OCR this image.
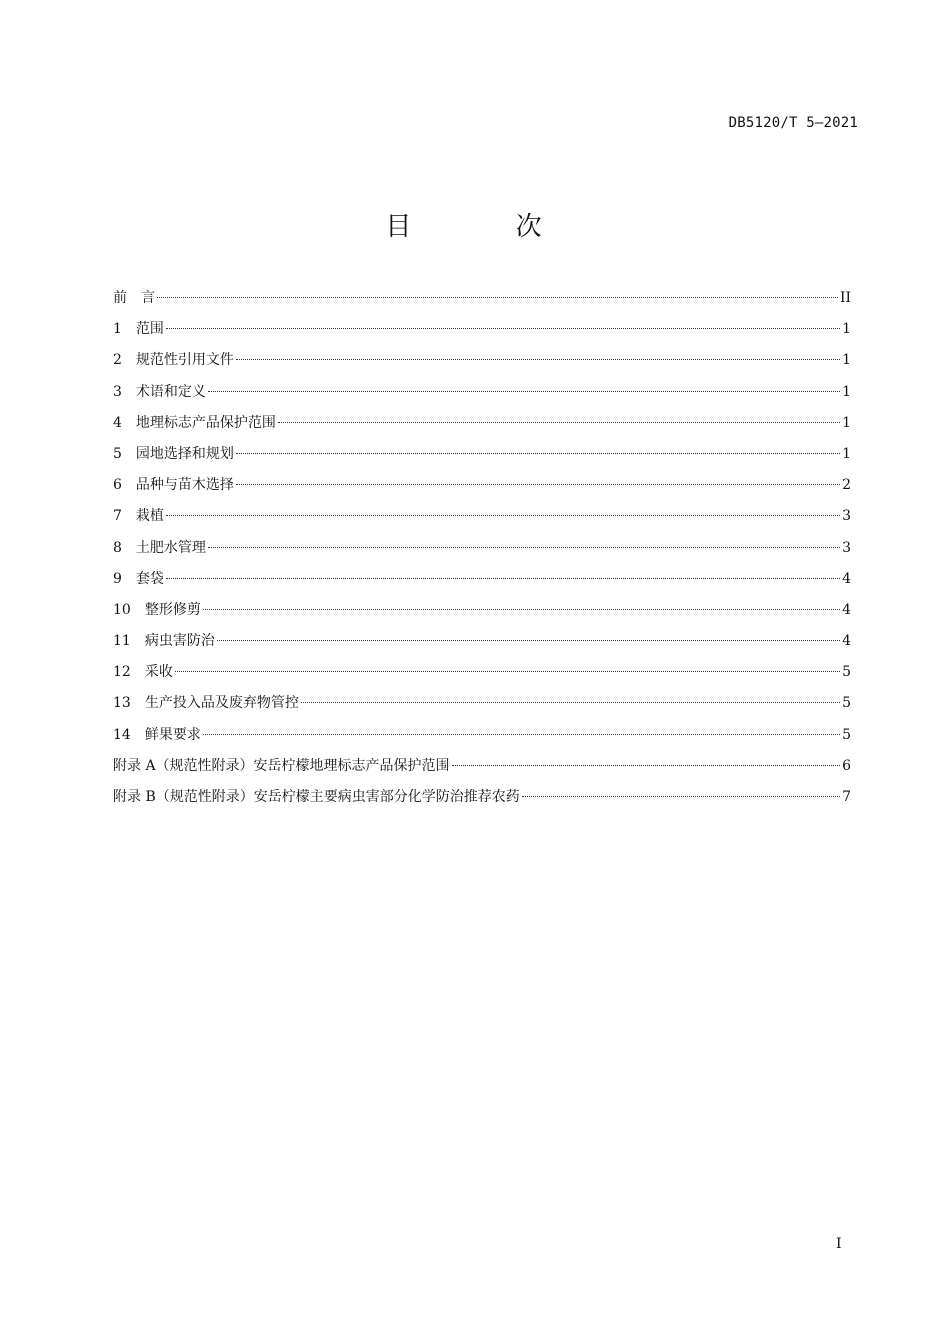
DB5120/T 5—2021
目 次
前　言	II
1　 范围	1
2　 规范性引用文件	1
3　 术语和定义	1
4　 地理标志产品保护范围	1
5　 园地选择和规划	1
6　 品种与苗木选择	2
7　 栽植	3
8　 土肥水管理	3
9　 套袋	4
10　 整形修剪	4
11　 病虫害防治	4
12　 采收	5
13　 生产投入品及废弃物管控	5
14　 鲜果要求	5
附录 A（规范性附录）安岳柠檬地理标志产品保护范围	6
附录 B（规范性附录）安岳柠檬主要病虫害部分化学防治推荐农药	7
I
